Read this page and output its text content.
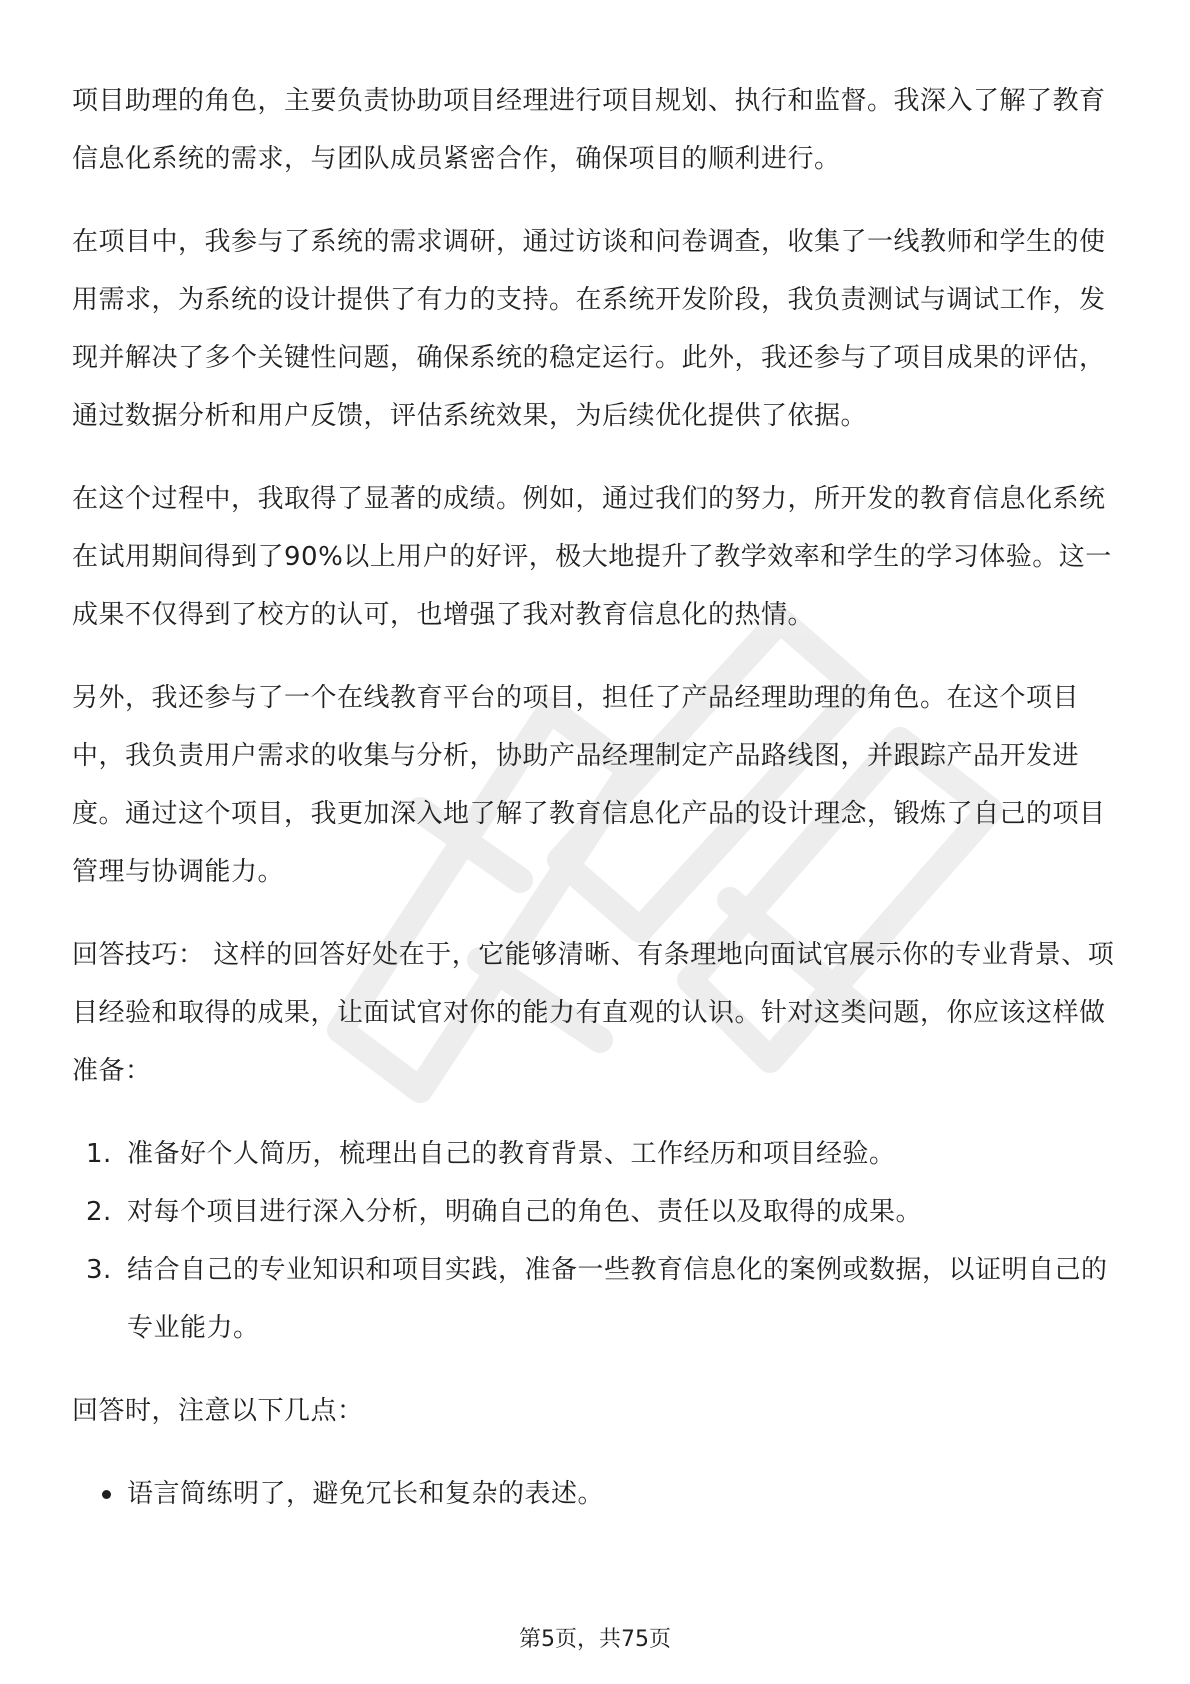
项目助理的角色，主要负责协助项目经理进行项目规划、执行和监督。我深入了解了教育信息化系统的需求，与团队成员紧密合作，确保项目的顺利进行。

在项目中，我参与了系统的需求调研，通过访谈和问卷调查，收集了一线教师和学生的使用需求，为系统的设计提供了有力的支持。在系统开发阶段，我负责测试与调试工作，发现并解决了多个关键性问题，确保系统的稳定运行。此外，我还参与了项目成果的评估，通过数据分析和用户反馈，评估系统效果，为后续优化提供了依据。

在这个过程中，我取得了显著的成绩。例如，通过我们的努力，所开发的教育信息化系统在试用期间得到了90%以上用户的好评，极大地提升了教学效率和学生的学习体验。这一成果不仅得到了校方的认可，也增强了我对教育信息化的热情。

另外，我还参与了一个在线教育平台的项目，担任了产品经理助理的角色。在这个项目中，我负责用户需求的收集与分析，协助产品经理制定产品路线图，并跟踪产品开发进度。通过这个项目，我更加深入地了解了教育信息化产品的设计理念，锻炼了自己的项目管理与协调能力。

回答技巧： 这样的回答好处在于，它能够清晰、有条理地向面试官展示你的专业背景、项目经验和取得的成果，让面试官对你的能力有直观的认识。针对这类问题，你应该这样做准备：

1. 准备好个人简历，梳理出自己的教育背景、工作经历和项目经验。
2. 对每个项目进行深入分析，明确自己的角色、责任以及取得的成果。
3. 结合自己的专业知识和项目实践，准备一些教育信息化的案例或数据，以证明自己的专业能力。

回答时，注意以下几点：

语言简练明了，避免冗长和复杂的表述。
第5页，共75页
